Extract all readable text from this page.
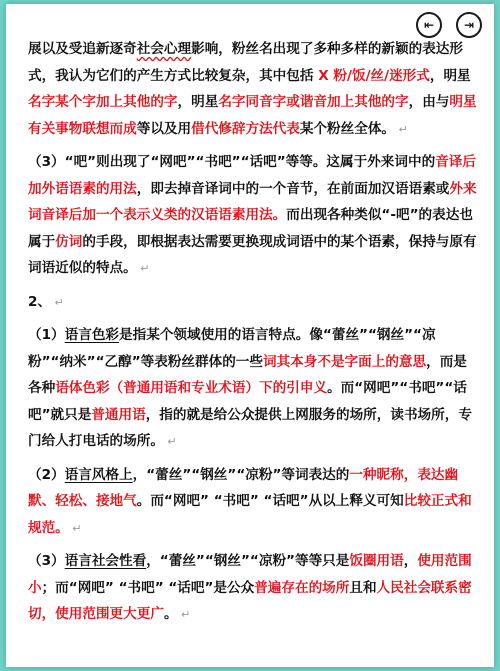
⇤	⇥

展以及受追新逐奇社会心理影响，粉丝名出现了多种多样的新颖的表达形式，我认为它们的产生方式比较复杂，其中包括 X 粉/饭/丝/迷形式，明星名字某个字加上其他的字，明星名字同音字或谐音加上其他的字，由与明星有关事物联想而成等以及用借代修辞方法代表某个粉丝全体。 ↵

（3）“吧”则出现了“网吧”“书吧”“话吧”等等。这属于外来词中的音译后加外语语素的用法，即去掉音译词中的一个音节，在前面加汉语语素或外来词音译后加一个表示义类的汉语语素用法。而出现各种类似“-吧”的表达也属于仿词的手段，即根据表达需要更换现成词语中的某个语素，保持与原有词语近似的特点。 ↵

2、 ↵

（1）语言色彩是指某个领域使用的语言特点。像“蕾丝”“钢丝”“凉粉”“纳米”“乙醇”等表粉丝群体的一些词其本身不是字面上的意思，而是各种语体色彩（普通用语和专业术语）下的引申义。而“网吧”“书吧”“话吧”就只是普通用语，指的就是给公众提供上网服务的场所，读书场所，专门给人打电话的场所。 ↵

（2）语言风格上，“蕾丝”“钢丝”“凉粉”等词表达的一种昵称，表达幽默、轻松、接地气。而“网吧” “书吧” “话吧”从以上释义可知比较正式和规范。 ↵

（3）语言社会性看，“蕾丝”“钢丝”“凉粉”等等只是饭圈用语，使用范围小；而“网吧” “书吧” “话吧”是公众普遍存在的场所且和人民社会联系密切，使用范围更大更广。 ↵
